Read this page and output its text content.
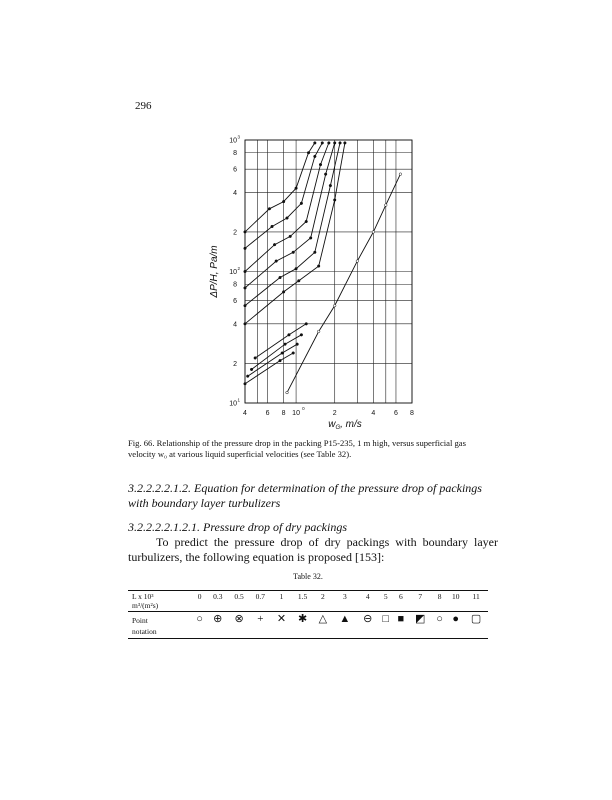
296
10
8
6
4
2
10
8
6
4
2
10
3
2
1
4	6 8 10	2	4	6 8
0
ΔP/H, Pa/m
$w_G$, m/s
Fig. 66. Relationship of the pressure drop in the packing P15-235, 1 m high, versus superficial gas velocity w₀ at various liquid superficial velocities (see Table 32).
3.2.2.2.2.1.2. Equation for determination of the pressure drop of packings with boundary layer turbulizers
3.2.2.2.2.1.2.1. Pressure drop of dry packings
To predict the pressure drop of dry packings with boundary layer turbulizers, the following equation is proposed [153]:
Table 32.
L x 10³
m³/(m²s)	0	0.3	0.5	0.7	1	1.5	2	3	4	5	6	7	8	10	11
Point
notation	○	⊕	⊗	+	✕	✱	△	▲	⊖	□	■	◩	○	●	▢
